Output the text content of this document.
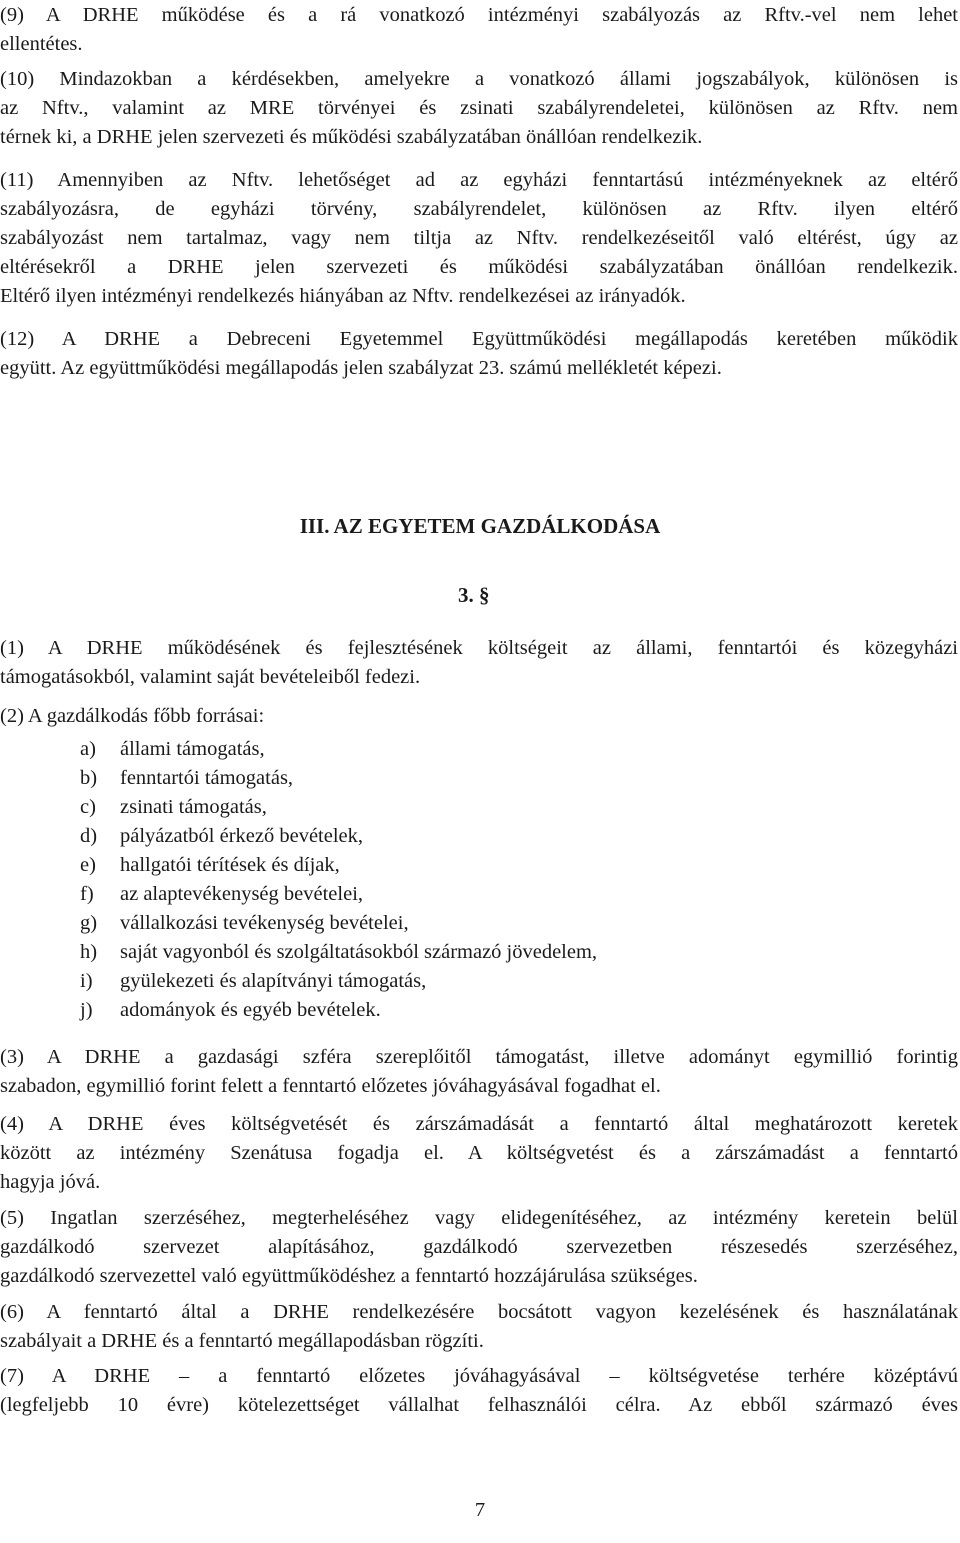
(9) A DRHE működése és a rá vonatkozó intézményi szabályozás az Rftv.-vel nem lehet
ellentétes.
(10) Mindazokban a kérdésekben, amelyekre a vonatkozó állami jogszabályok, különösen is
az Nftv., valamint az MRE törvényei és zsinati szabályrendeletei, különösen az Rftv. nem
térnek ki, a DRHE jelen szervezeti és működési szabályzatában önállóan rendelkezik.
(11) Amennyiben az Nftv. lehetőséget ad az egyházi fenntartású intézményeknek az eltérő
szabályozásra, de egyházi törvény, szabályrendelet, különösen az Rftv. ilyen eltérő
szabályozást nem tartalmaz, vagy nem tiltja az Nftv. rendelkezéseitől való eltérést, úgy az
eltérésekről a DRHE jelen szervezeti és működési szabályzatában önállóan rendelkezik.
Eltérő ilyen intézményi rendelkezés hiányában az Nftv. rendelkezései az irányadók.
(12) A DRHE a Debreceni Egyetemmel Együttműködési megállapodás keretében működik
együtt. Az együttműködési megállapodás jelen szabályzat 23. számú mellékletét képezi.
III. AZ EGYETEM GAZDÁLKODÁSA
3. §
(1) A DRHE működésének és fejlesztésének költségeit az állami, fenntartói és közegyházi
támogatásokból, valamint saját bevételeiből fedezi.
(2) A gazdálkodás főbb forrásai:
a)	állami támogatás,
b)	fenntartói támogatás,
c)	zsinati támogatás,
d)	pályázatból érkező bevételek,
e)	hallgatói térítések és díjak,
f)	az alaptevékenység bevételei,
g)	vállalkozási tevékenység bevételei,
h)	saját vagyonból és szolgáltatásokból származó jövedelem,
i)	gyülekezeti és alapítványi támogatás,
j)	adományok és egyéb bevételek.
(3) A DRHE a gazdasági szféra szereplőitől támogatást, illetve adományt egymillió forintig
szabadon, egymillió forint felett a fenntartó előzetes jóváhagyásával fogadhat el.
(4) A DRHE éves költségvetését és zárszámadását a fenntartó által meghatározott keretek
között az intézmény Szenátusa fogadja el. A költségvetést és a zárszámadást a fenntartó
hagyja jóvá.
(5) Ingatlan szerzéséhez, megterheléséhez vagy elidegenítéséhez, az intézmény keretein belül
gazdálkodó szervezet alapításához, gazdálkodó szervezetben részesedés szerzéséhez,
gazdálkodó szervezettel való együttműködéshez a fenntartó hozzájárulása szükséges.
(6) A fenntartó által a DRHE rendelkezésére bocsátott vagyon kezelésének és használatának
szabályait a DRHE és a fenntartó megállapodásban rögzíti.
(7) A DRHE – a fenntartó előzetes jóváhagyásával – költségvetése terhére középtávú
(legfeljebb 10 évre) kötelezettséget vállalhat felhasználói célra. Az ebből származó éves
7
